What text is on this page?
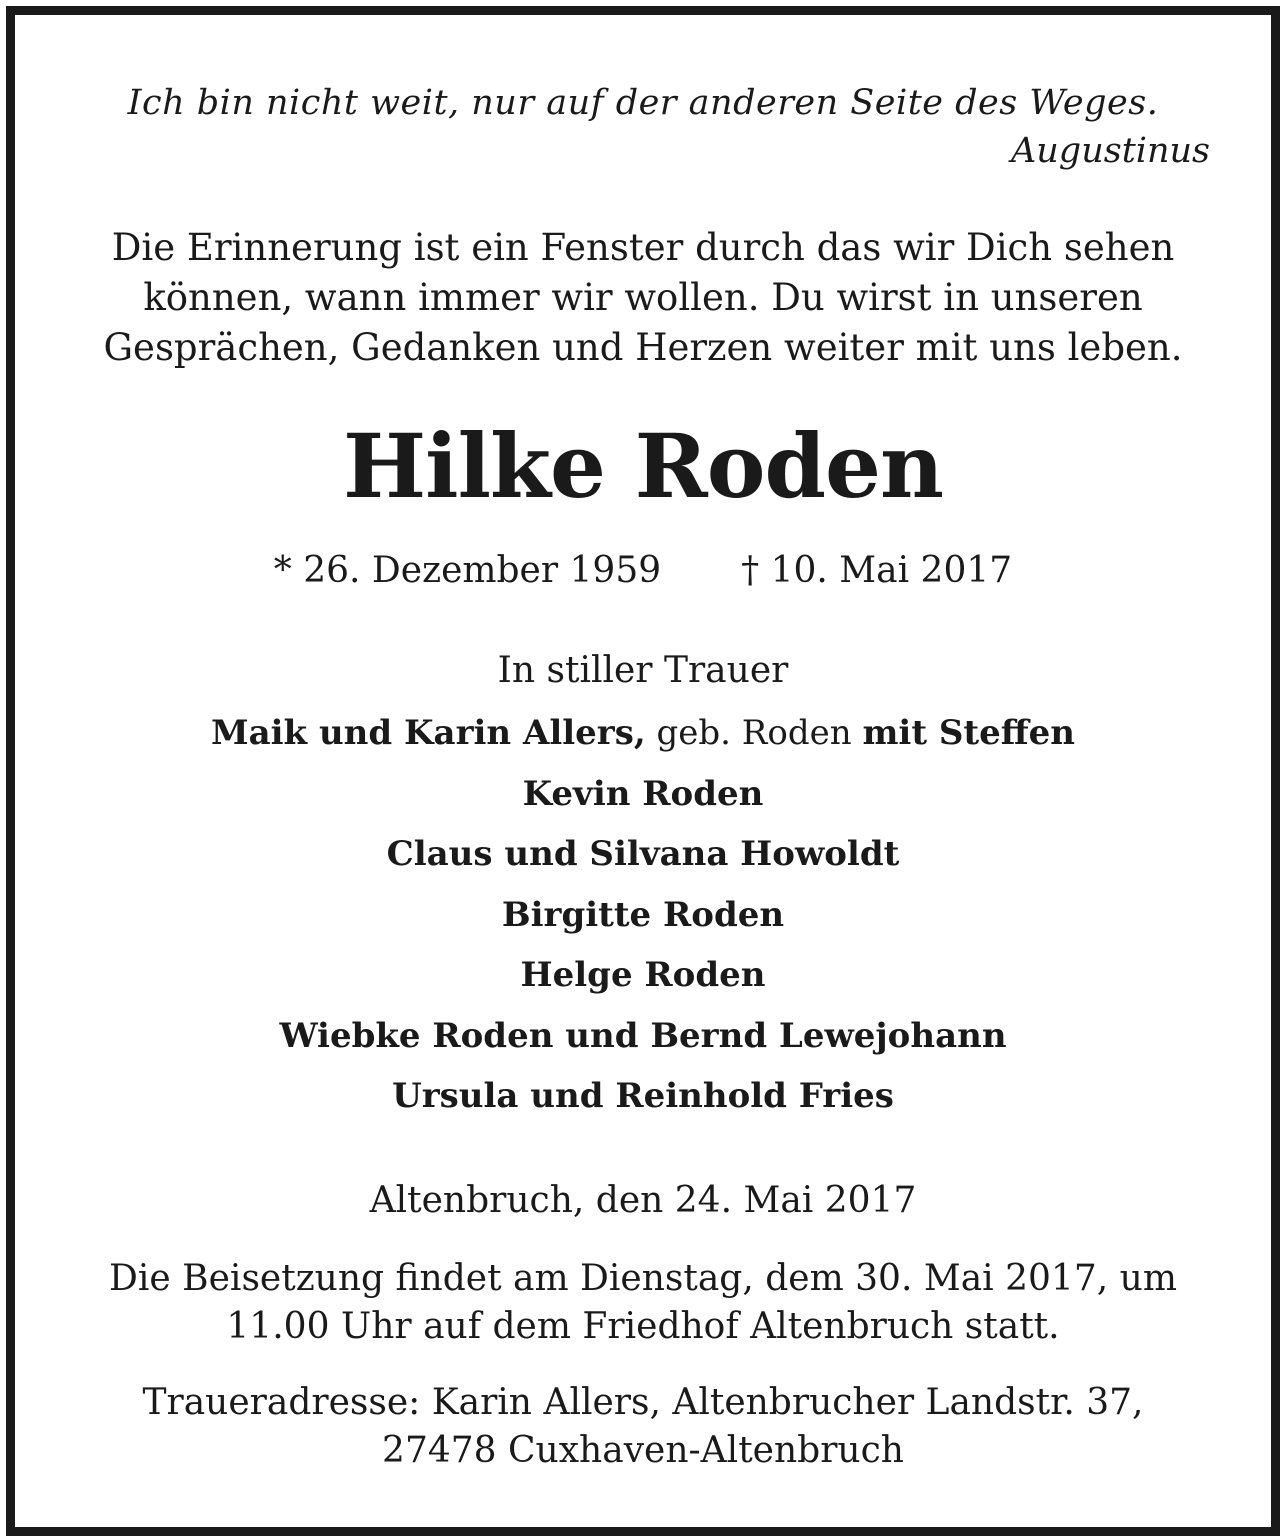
Ich bin nicht weit, nur auf der anderen Seite des Weges.
Augustinus
Die Erinnerung ist ein Fenster durch das wir Dich sehen
können, wann immer wir wollen. Du wirst in unseren
Gesprächen, Gedanken und Herzen weiter mit uns leben.
Hilke Roden
* 26. Dezember 1959 † 10. Mai 2017
In stiller Trauer
Maik und Karin Allers, geb. Roden mit Steffen
Kevin Roden
Claus und Silvana Howoldt
Birgitte Roden
Helge Roden
Wiebke Roden und Bernd Lewejohann
Ursula und Reinhold Fries
Altenbruch, den 24. Mai 2017
Die Beisetzung findet am Dienstag, dem 30. Mai 2017, um
11.00 Uhr auf dem Friedhof Altenbruch statt.
Traueradresse: Karin Allers, Altenbrucher Landstr. 37,
27478 Cuxhaven-Altenbruch
